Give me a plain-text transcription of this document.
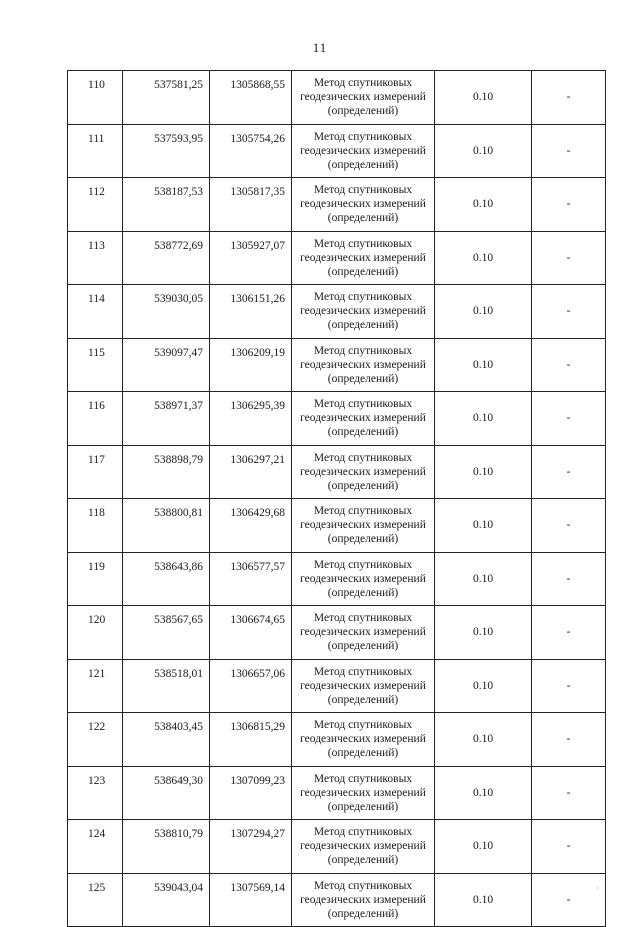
11
110	537581,25	1305868,55	Метод спутниковых
геодезических измерений
(определений)	0.10	-
111	537593,95	1305754,26	Метод спутниковых
геодезических измерений
(определений)	0.10	-
112	538187,53	1305817,35	Метод спутниковых
геодезических измерений
(определений)	0.10	-
113	538772,69	1305927,07	Метод спутниковых
геодезических измерений
(определений)	0.10	-
114	539030,05	1306151,26	Метод спутниковых
геодезических измерений
(определений)	0.10	-
115	539097,47	1306209,19	Метод спутниковых
геодезических измерений
(определений)	0.10	-
116	538971,37	1306295,39	Метод спутниковых
геодезических измерений
(определений)	0.10	-
117	538898,79	1306297,21	Метод спутниковых
геодезических измерений
(определений)	0.10	-
118	538800,81	1306429,68	Метод спутниковых
геодезических измерений
(определений)	0.10	-
119	538643,86	1306577,57	Метод спутниковых
геодезических измерений
(определений)	0.10	-
120	538567,65	1306674,65	Метод спутниковых
геодезических измерений
(определений)	0.10	-
121	538518,01	1306657,06	Метод спутниковых
геодезических измерений
(определений)	0.10	-
122	538403,45	1306815,29	Метод спутниковых
геодезических измерений
(определений)	0.10	-
123	538649,30	1307099,23	Метод спутниковых
геодезических измерений
(определений)	0.10	-
124	538810,79	1307294,27	Метод спутниковых
геодезических измерений
(определений)	0.10	-
125	539043,04	1307569,14	Метод спутниковых
геодезических измерений
(определений)	0.10	-
·
